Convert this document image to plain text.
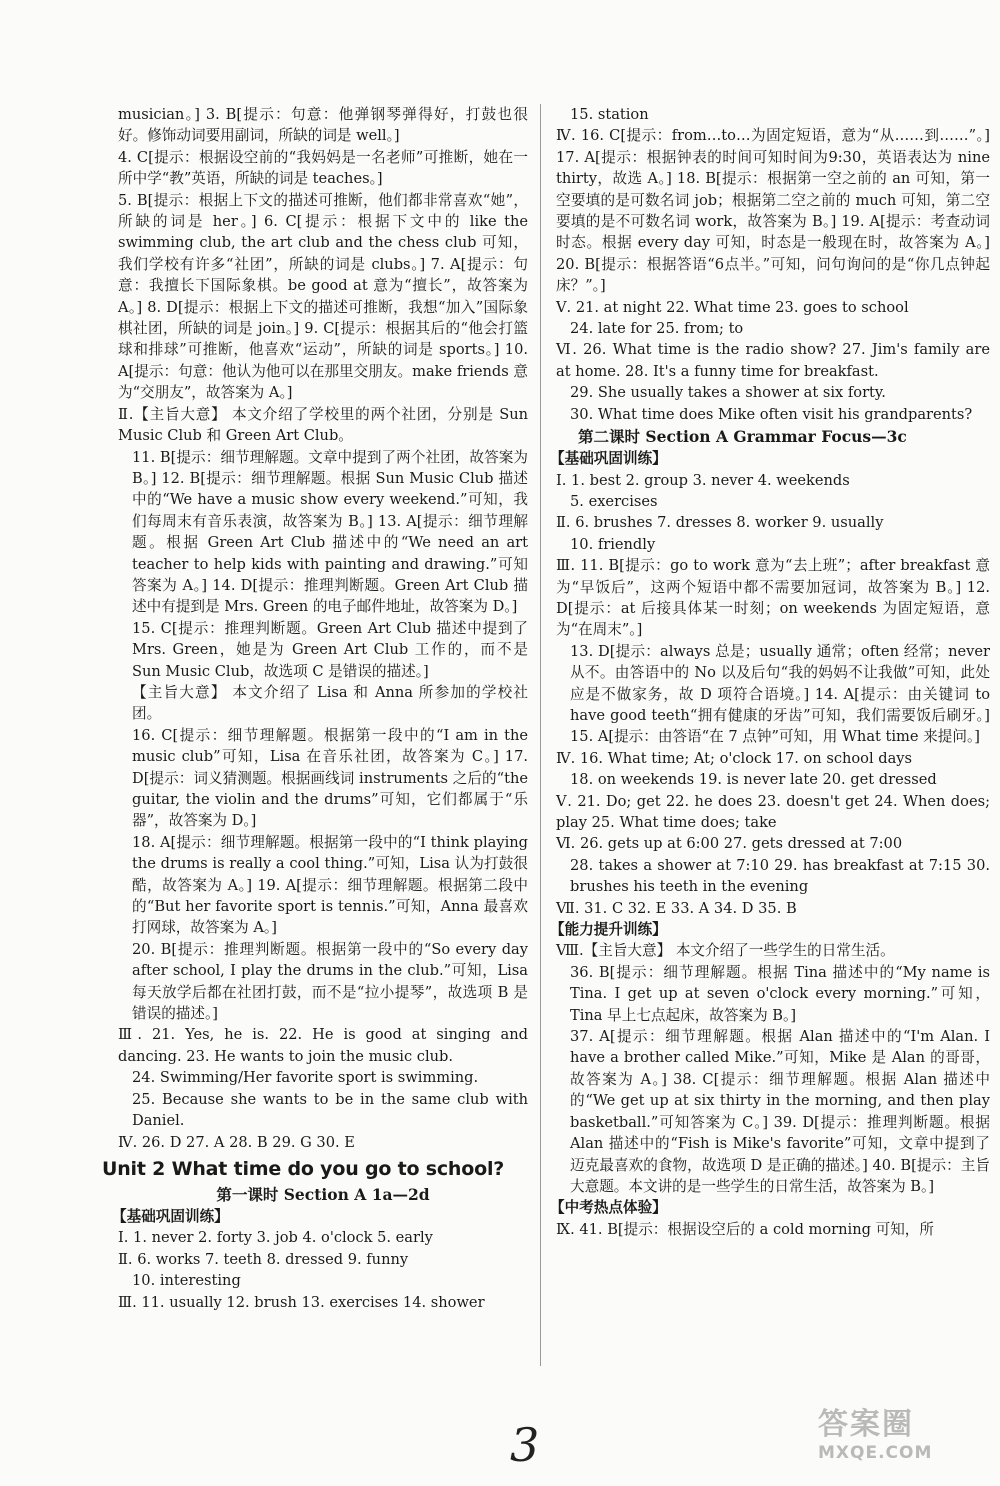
musician。] 3. B[提示：句意：他弹钢琴弹得好，打鼓也很好。修饰动词要用副词，所缺的词是 well。]
4. C[提示：根据设空前的“我妈妈是一名老师”可推断，她在一所中学“教”英语，所缺的词是 teaches。]
5. B[提示：根据上下文的描述可推断，他们都非常喜欢“她”，所缺的词是 her。] 6. C[提示：根据下文中的 like the swimming club, the art club and the chess club 可知，我们学校有许多“社团”，所缺的词是 clubs。] 7. A[提示：句意：我擅长下国际象棋。be good at 意为“擅长”，故答案为 A。] 8. D[提示：根据上下文的描述可推断，我想“加入”国际象棋社团，所缺的词是 join。] 9. C[提示：根据其后的“他会打篮球和排球”可推断，他喜欢“运动”，所缺的词是 sports。] 10. A[提示：句意：他认为他可以在那里交朋友。make friends 意为“交朋友”，故答案为 A。]
Ⅱ.【主旨大意】 本文介绍了学校里的两个社团，分别是 Sun Music Club 和 Green Art Club。
11. B[提示：细节理解题。文章中提到了两个社团，故答案为 B。] 12. B[提示：细节理解题。根据 Sun Music Club 描述中的“We have a music show every weekend.”可知，我们每周末有音乐表演，故答案为 B。] 13. A[提示：细节理解题。根据 Green Art Club 描述中的“We need an art teacher to help kids with painting and drawing.”可知答案为 A。] 14. D[提示：推理判断题。Green Art Club 描述中有提到是 Mrs. Green 的电子邮件地址，故答案为 D。]
15. C[提示：推理判断题。Green Art Club 描述中提到了 Mrs. Green，她是为 Green Art Club 工作的，而不是 Sun Music Club，故选项 C 是错误的描述。]
【主旨大意】 本文介绍了 Lisa 和 Anna 所参加的学校社团。
16. C[提示：细节理解题。根据第一段中的“I am in the music club”可知，Lisa 在音乐社团，故答案为 C。] 17. D[提示：词义猜测题。根据画线词 instruments 之后的“the guitar, the violin and the drums”可知，它们都属于“乐器”，故答案为 D。]
18. A[提示：细节理解题。根据第一段中的“I think playing the drums is really a cool thing.”可知，Lisa 认为打鼓很酷，故答案为 A。] 19. A[提示：细节理解题。根据第二段中的“But her favorite sport is tennis.”可知，Anna 最喜欢打网球，故答案为 A。]
20. B[提示：推理判断题。根据第一段中的“So every day after school, I play the drums in the club.”可知，Lisa 每天放学后都在社团打鼓，而不是“拉小提琴”，故选项 B 是错误的描述。]
Ⅲ. 21. Yes, he is. 22. He is good at singing and dancing. 23. He wants to join the music club.
24. Swimming/Her favorite sport is swimming.
25. Because she wants to be in the same club with Daniel.
Ⅳ. 26. D 27. A 28. B 29. G 30. E
Unit 2 What time do you go to school?
第一课时 Section A 1a—2d
【基础巩固训练】
Ⅰ. 1. never 2. forty 3. job 4. o'clock 5. early
Ⅱ. 6. works 7. teeth 8. dressed 9. funny
10. interesting
Ⅲ. 11. usually 12. brush 13. exercises 14. shower
15. station
Ⅳ. 16. C[提示：from…to…为固定短语，意为“从……到……”。] 17. A[提示：根据钟表的时间可知时间为9:30，英语表达为 nine thirty，故选 A。] 18. B[提示：根据第一空之前的 an 可知，第一空要填的是可数名词 job；根据第二空之前的 much 可知，第二空要填的是不可数名词 work，故答案为 B。] 19. A[提示：考查动词时态。根据 every day 可知，时态是一般现在时，故答案为 A。] 20. B[提示：根据答语“6点半。”可知，问句询问的是“你几点钟起床？”。]
Ⅴ. 21. at night 22. What time 23. goes to school
24. late for 25. from; to
Ⅵ. 26. What time is the radio show? 27. Jim's family are at home. 28. It's a funny time for breakfast.
29. She usually takes a shower at six forty.
30. What time does Mike often visit his grandparents?
第二课时 Section A Grammar Focus—3c
【基础巩固训练】
Ⅰ. 1. best 2. group 3. never 4. weekends
5. exercises
Ⅱ. 6. brushes 7. dresses 8. worker 9. usually
10. friendly
Ⅲ. 11. B[提示：go to work 意为“去上班”；after breakfast 意为“早饭后”，这两个短语中都不需要加冠词，故答案为 B。] 12. D[提示：at 后接具体某一时刻；on weekends 为固定短语，意为“在周末”。]
13. D[提示：always 总是；usually 通常；often 经常；never 从不。由答语中的 No 以及后句“我的妈妈不让我做”可知，此处应是不做家务，故 D 项符合语境。] 14. A[提示：由关键词 to have good teeth“拥有健康的牙齿”可知，我们需要饭后刷牙。] 15. A[提示：由答语“在 7 点钟”可知，用 What time 来提问。]
Ⅳ. 16. What time; At; o'clock 17. on school days
18. on weekends 19. is never late 20. get dressed
Ⅴ. 21. Do; get 22. he does 23. doesn't get 24. When does; play 25. What time does; take
Ⅵ. 26. gets up at 6:00 27. gets dressed at 7:00
28. takes a shower at 7:10 29. has breakfast at 7:15 30. brushes his teeth in the evening
Ⅶ. 31. C 32. E 33. A 34. D 35. B
【能力提升训练】
Ⅷ.【主旨大意】 本文介绍了一些学生的日常生活。
36. B[提示：细节理解题。根据 Tina 描述中的“My name is Tina. I get up at seven o'clock every morning.”可知，Tina 早上七点起床，故答案为 B。]
37. A[提示：细节理解题。根据 Alan 描述中的“I'm Alan. I have a brother called Mike.”可知，Mike 是 Alan 的哥哥，故答案为 A。] 38. C[提示：细节理解题。根据 Alan 描述中的“We get up at six thirty in the morning, and then play basketball.”可知答案为 C。] 39. D[提示：推理判断题。根据 Alan 描述中的“Fish is Mike's favorite”可知，文章中提到了迈克最喜欢的食物，故选项 D 是正确的描述。] 40. B[提示：主旨大意题。本文讲的是一些学生的日常生活，故答案为 B。]
【中考热点体验】
Ⅸ. 41. B[提示：根据设空后的 a cold morning 可知，所
3	答案圈
MXQE.COM
